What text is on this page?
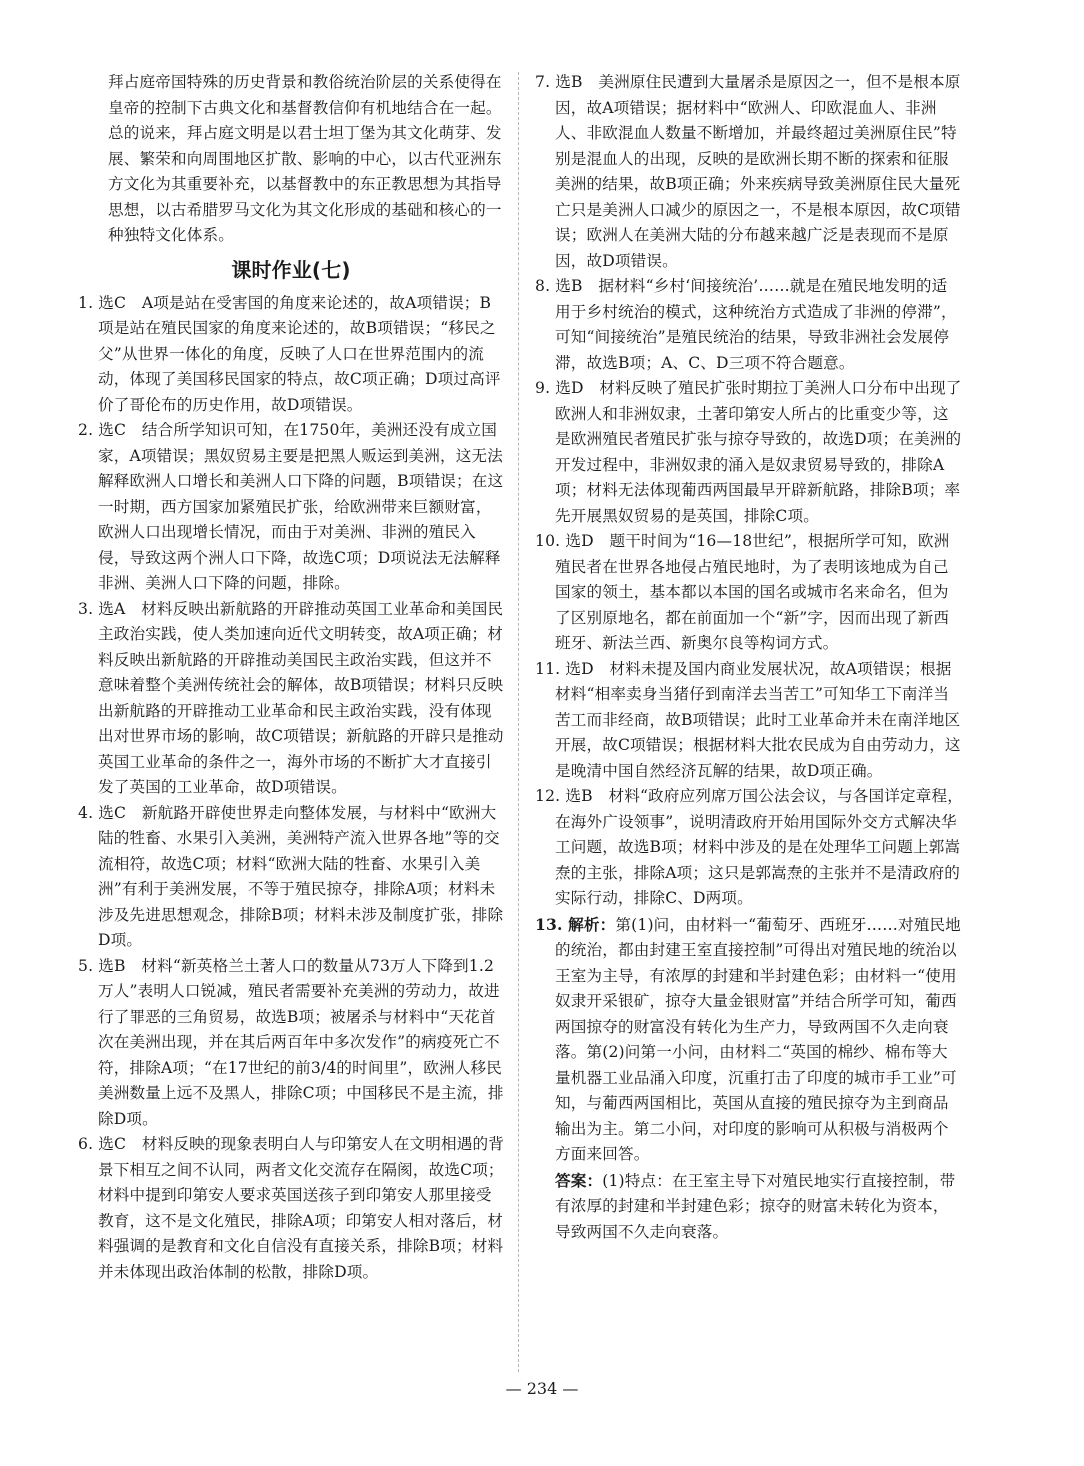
拜占庭帝国特殊的历史背景和教俗统治阶层的关系使得在皇帝的控制下古典文化和基督教信仰有机地结合在一起。

总的说来，拜占庭文明是以君士坦丁堡为其文化萌芽、发展、繁荣和向周围地区扩散、影响的中心，以古代亚洲东方文化为其重要补充，以基督教中的东正教思想为其指导思想，以古希腊罗马文化为其文化形成的基础和核心的一种独特文化体系。

课时作业(七)

1. 选C　A项是站在受害国的角度来论述的，故A项错误；B项是站在殖民国家的角度来论述的，故B项错误；“移民之父”从世界一体化的角度，反映了人口在世界范围内的流动，体现了美国移民国家的特点，故C项正确；D项过高评价了哥伦布的历史作用，故D项错误。

2. 选C　结合所学知识可知，在1750年，美洲还没有成立国家，A项错误；黑奴贸易主要是把黑人贩运到美洲，这无法解释欧洲人口增长和美洲人口下降的问题，B项错误；在这一时期，西方国家加紧殖民扩张，给欧洲带来巨额财富，欧洲人口出现增长情况，而由于对美洲、非洲的殖民入侵，导致这两个洲人口下降，故选C项；D项说法无法解释非洲、美洲人口下降的问题，排除。

3. 选A　材料反映出新航路的开辟推动英国工业革命和美国民主政治实践，使人类加速向近代文明转变，故A项正确；材料反映出新航路的开辟推动美国民主政治实践，但这并不意味着整个美洲传统社会的解体，故B项错误；材料只反映出新航路的开辟推动工业革命和民主政治实践，没有体现出对世界市场的影响，故C项错误；新航路的开辟只是推动英国工业革命的条件之一，海外市场的不断扩大才直接引发了英国的工业革命，故D项错误。

4. 选C　新航路开辟使世界走向整体发展，与材料中“欧洲大陆的牲畜、水果引入美洲，美洲特产流入世界各地”等的交流相符，故选C项；材料“欧洲大陆的牲畜、水果引入美洲”有利于美洲发展，不等于殖民掠夺，排除A项；材料未涉及先进思想观念，排除B项；材料未涉及制度扩张，排除D项。

5. 选B　材料“新英格兰土著人口的数量从73万人下降到1.2万人”表明人口锐减，殖民者需要补充美洲的劳动力，故进行了罪恶的三角贸易，故选B项；被屠杀与材料中“天花首次在美洲出现，并在其后两百年中多次发作”的病疫死亡不符，排除A项；“在17世纪的前3/4的时间里”，欧洲人移民美洲数量上远不及黑人，排除C项；中国移民不是主流，排除D项。

6. 选C　材料反映的现象表明白人与印第安人在文明相遇的背景下相互之间不认同，两者文化交流存在隔阂，故选C项；材料中提到印第安人要求英国送孩子到印第安人那里接受教育，这不是文化殖民，排除A项；印第安人相对落后，材料强调的是教育和文化自信没有直接关系，排除B项；材料并未体现出政治体制的松散，排除D项。

7. 选B　美洲原住民遭到大量屠杀是原因之一，但不是根本原因，故A项错误；据材料中“欧洲人、印欧混血人、非洲人、非欧混血人数量不断增加，并最终超过美洲原住民”特别是混血人的出现，反映的是欧洲长期不断的探索和征服美洲的结果，故B项正确；外来疾病导致美洲原住民大量死亡只是美洲人口减少的原因之一，不是根本原因，故C项错误；欧洲人在美洲大陆的分布越来越广泛是表现而不是原因，故D项错误。

8. 选B　据材料“乡村‘间接统治’……就是在殖民地发明的适用于乡村统治的模式，这种统治方式造成了非洲的停滞”，可知“间接统治”是殖民统治的结果，导致非洲社会发展停滞，故选B项；A、C、D三项不符合题意。

9. 选D　材料反映了殖民扩张时期拉丁美洲人口分布中出现了欧洲人和非洲奴隶，土著印第安人所占的比重变少等，这是欧洲殖民者殖民扩张与掠夺导致的，故选D项；在美洲的开发过程中，非洲奴隶的涌入是奴隶贸易导致的，排除A项；材料无法体现葡西两国最早开辟新航路，排除B项；率先开展黑奴贸易的是英国，排除C项。

10. 选D　题干时间为“16—18世纪”，根据所学可知，欧洲殖民者在世界各地侵占殖民地时，为了表明该地成为自己国家的领土，基本都以本国的国名或城市名来命名，但为了区别原地名，都在前面加一个“新”字，因而出现了新西班牙、新法兰西、新奥尔良等构词方式。

11. 选D　材料未提及国内商业发展状况，故A项错误；根据材料“相率卖身当猪仔到南洋去当苦工”可知华工下南洋当苦工而非经商，故B项错误；此时工业革命并未在南洋地区开展，故C项错误；根据材料大批农民成为自由劳动力，这是晚清中国自然经济瓦解的结果，故D项正确。

12. 选B　材料“政府应列席万国公法会议，与各国详定章程，在海外广设领事”，说明清政府开始用国际外交方式解决华工问题，故选B项；材料中涉及的是在处理华工问题上郭嵩焘的主张，排除A项；这只是郭嵩焘的主张并不是清政府的实际行动，排除C、D两项。

13. 解析：第(1)问，由材料一“葡萄牙、西班牙……对殖民地的统治，都由封建王室直接控制”可得出对殖民地的统治以王室为主导，有浓厚的封建和半封建色彩；由材料一“使用奴隶开采银矿，掠夺大量金银财富”并结合所学可知，葡西两国掠夺的财富没有转化为生产力，导致两国不久走向衰落。第(2)问第一小问，由材料二“英国的棉纱、棉布等大量机器工业品涌入印度，沉重打击了印度的城市手工业”可知，与葡西两国相比，英国从直接的殖民掠夺为主到商品输出为主。第二小问，对印度的影响可从积极与消极两个方面来回答。

答案：(1)特点：在王室主导下对殖民地实行直接控制，带有浓厚的封建和半封建色彩；掠夺的财富未转化为资本，导致两国不久走向衰落。

— 234 —
